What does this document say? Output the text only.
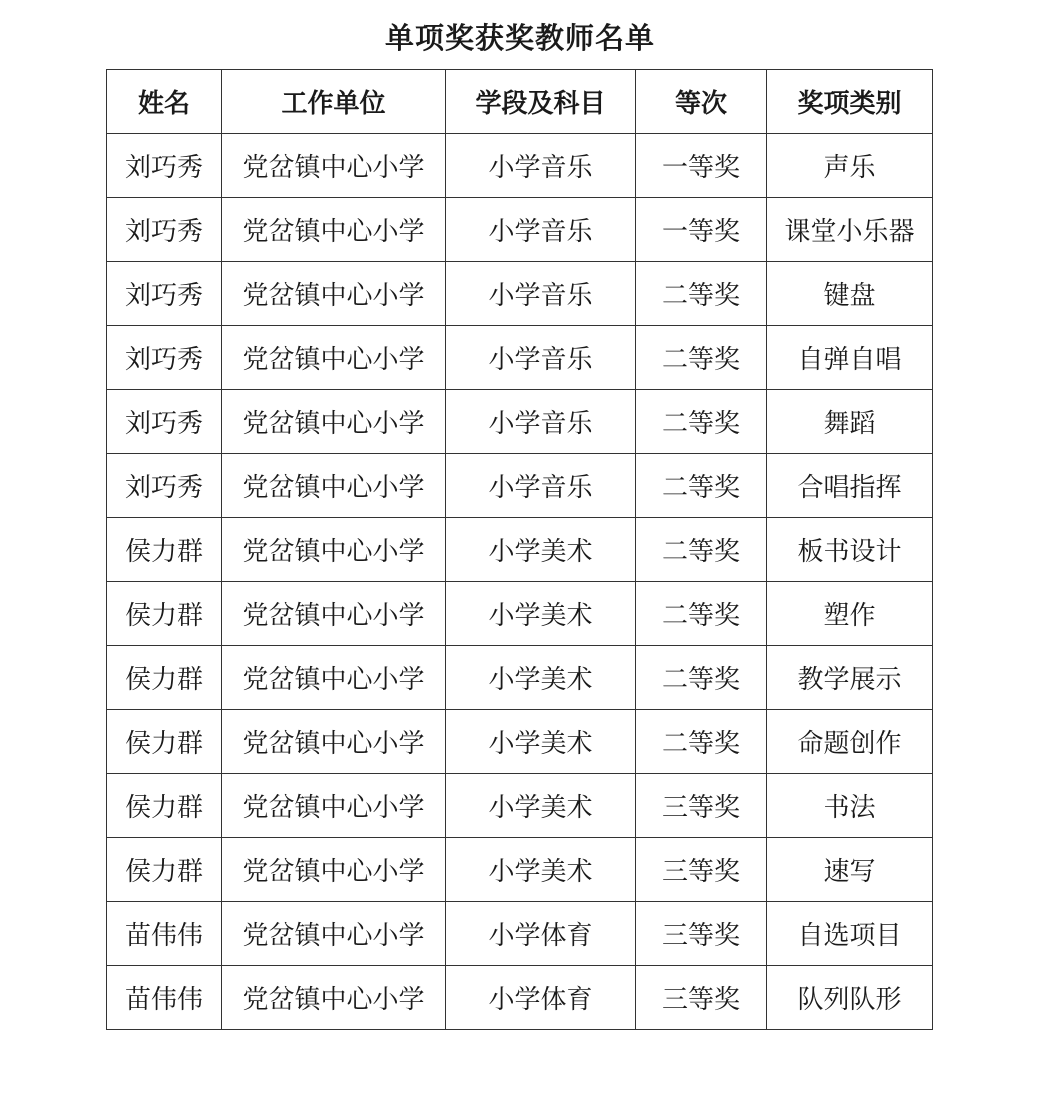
单项奖获奖教师名单
姓名	工作单位	学段及科目	等次	奖项类别
刘巧秀	党岔镇中心小学	小学音乐	一等奖	声乐
刘巧秀	党岔镇中心小学	小学音乐	一等奖	课堂小乐器
刘巧秀	党岔镇中心小学	小学音乐	二等奖	键盘
刘巧秀	党岔镇中心小学	小学音乐	二等奖	自弹自唱
刘巧秀	党岔镇中心小学	小学音乐	二等奖	舞蹈
刘巧秀	党岔镇中心小学	小学音乐	二等奖	合唱指挥
侯力群	党岔镇中心小学	小学美术	二等奖	板书设计
侯力群	党岔镇中心小学	小学美术	二等奖	塑作
侯力群	党岔镇中心小学	小学美术	二等奖	教学展示
侯力群	党岔镇中心小学	小学美术	二等奖	命题创作
侯力群	党岔镇中心小学	小学美术	三等奖	书法
侯力群	党岔镇中心小学	小学美术	三等奖	速写
苗伟伟	党岔镇中心小学	小学体育	三等奖	自选项目
苗伟伟	党岔镇中心小学	小学体育	三等奖	队列队形
